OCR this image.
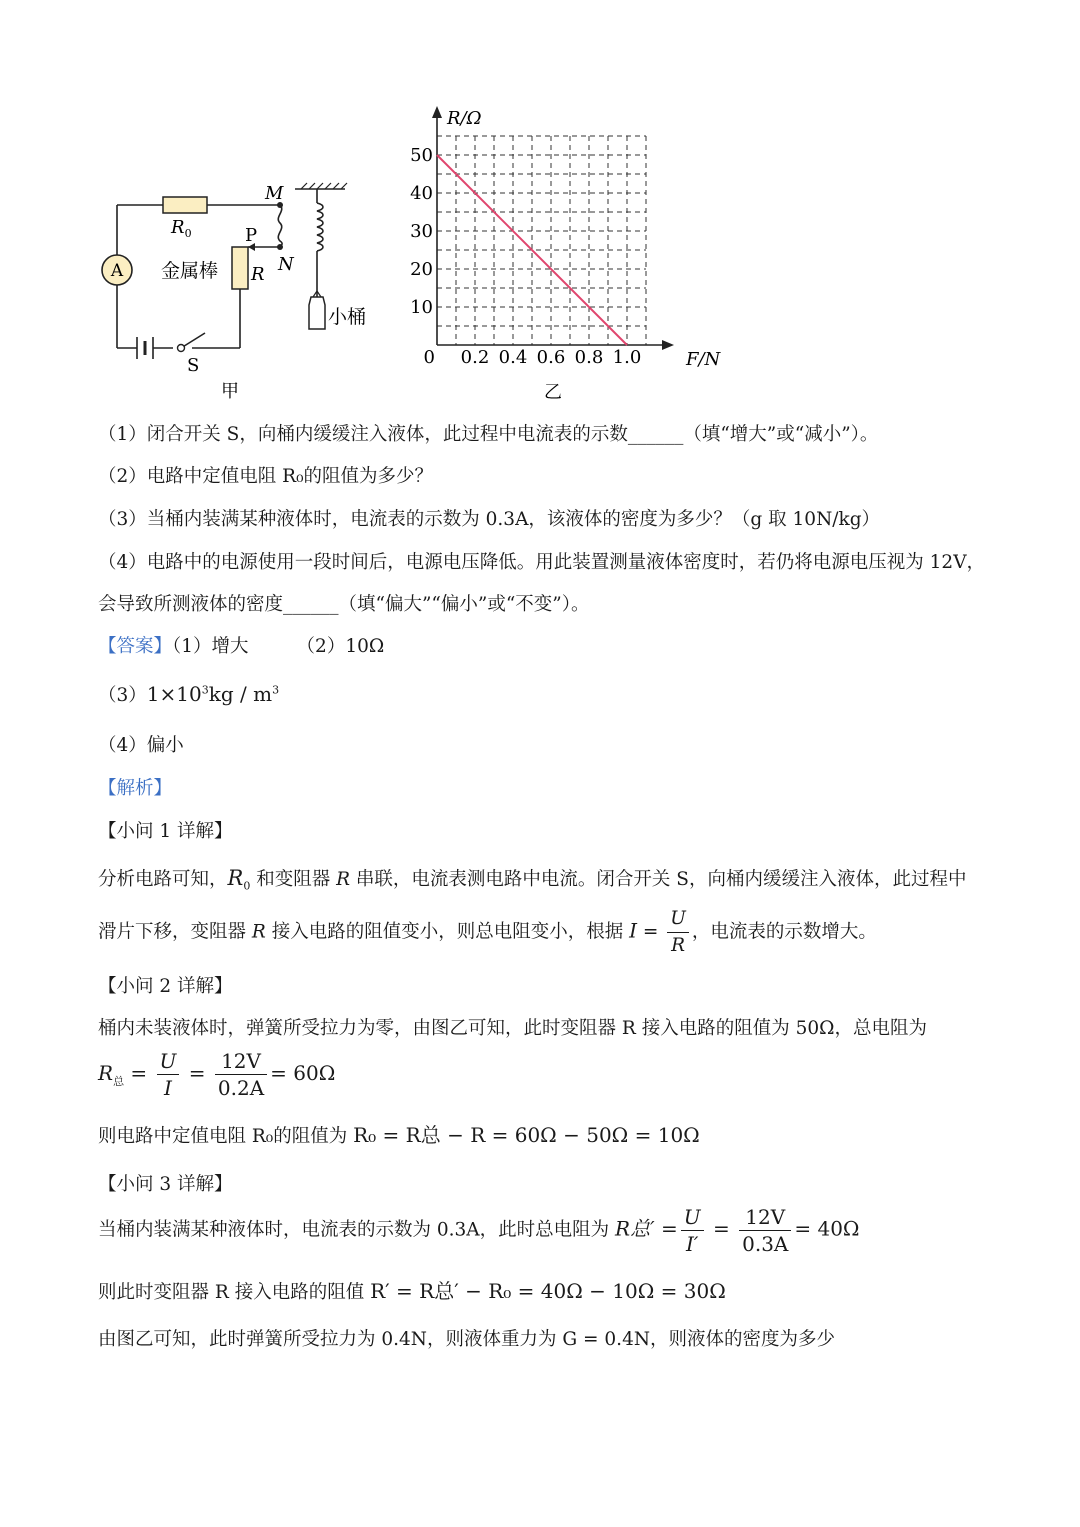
A
$R_0$
M
P
N
R
金属棒
小桶
S
甲
0 0.2 0.4 0.6 0.8 1.0
10
20
30
40
50
R/Ω
F/N
乙
（1）闭合开关 S，向桶内缓缓注入液体，此过程中电流表的示数______（填“增大”或“减小”）。
（2）电路中定值电阻 R₀的阻值为多少？
（3）当桶内装满某种液体时，电流表的示数为 0.3A，该液体的密度为多少？（g 取 10N/kg）
（4）电路中的电源使用一段时间后，电源电压降低。用此装置测量液体密度时，若仍将电源电压视为 12V，
会导致所测液体的密度______（填“偏大”“偏小”或“不变”）。
【答案】（1）增大	（2）10Ω
$(3)1\times 10^3kg / m^3$
（4）偏小
【解析】
【小问 1 详解】
分析电路可知，$R_0$ 和变阻器 R 串联，电流表测电路中电流。闭合开关 S，向桶内缓缓注入液体，此过程中
滑片下移，变阻器 R 接入电路的阻值变小，则总电阻变小，根据 $I = \frac{U}{R}$ ，电流表的示数增大。
【小问 2 详解】
桶内未装液体时，弹簧所受拉力为零，由图乙可知，此时变阻器 R 接入电路的阻值为 50Ω，总电阻为
$R_总 = \frac{U}{I} = \frac{12V}{0.2A} = 60\Omega$
则电路中定值电阻 R₀的阻值为 R₀ = R总 − R = 60Ω − 50Ω = 10Ω
【小问 3 详解】
当桶内装满某种液体时，电流表的示数为 0.3A，此时总电阻为 R总′ = $\frac{U}{I'} = \frac{12V}{0.3A} = 40\Omega$
则此时变阻器 R 接入电路的阻值 R′ = R总′ − R₀ = 40Ω − 10Ω = 30Ω
由图乙可知，此时弹簧所受拉力为 0.4N，则液体重力为 G = 0.4N，则液体的密度为多少
